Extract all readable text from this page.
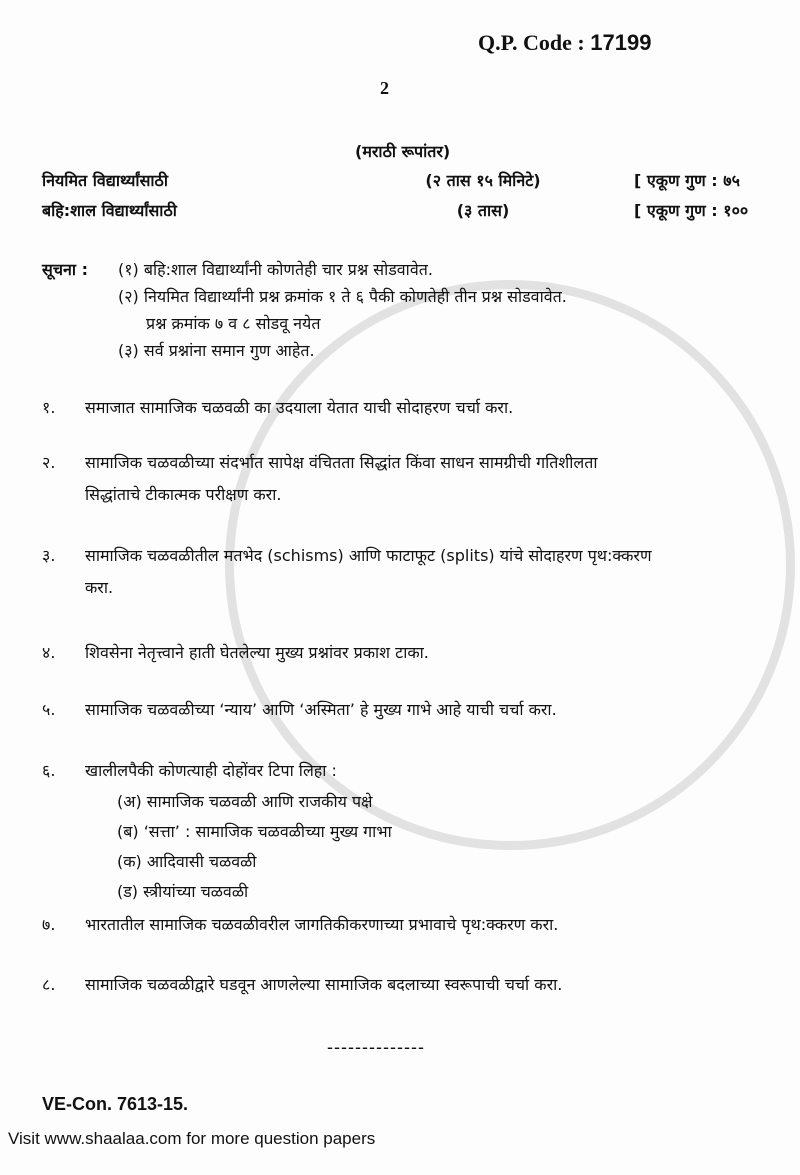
Q.P. Code : 17199
2
(मराठी रूपांतर)
नियमित विद्यार्थ्यांसाठी	(२ तास १५ मिनिटे)	[ एकूण गुण : ७५
बहि:शाल विद्यार्थ्यांसाठी	(३ तास)	[ एकूण गुण : १००
सूचना :	(१) बहि:शाल विद्यार्थ्यांनी कोणतेही चार प्रश्न सोडवावेत.
(२) नियमित विद्यार्थ्यांनी प्रश्न क्रमांक १ ते ६ पैकी कोणतेही तीन प्रश्न सोडवावेत.
प्रश्न क्रमांक ७ व ८ सोडवू नयेत
(३) सर्व प्रश्नांना समान गुण आहेत.
१.	समाजात सामाजिक चळवळी का उदयाला येतात याची सोदाहरण चर्चा करा.
२.	सामाजिक चळवळीच्या संदर्भात सापेक्ष वंचितता सिद्धांत किंवा साधन सामग्रीची गतिशीलता
सिद्धांताचे टीकात्मक परीक्षण करा.
३.	सामाजिक चळवळीतील मतभेद (schisms) आणि फाटाफूट (splits) यांचे सोदाहरण पृथ:क्करण
करा.
४.	शिवसेना नेतृत्त्वाने हाती घेतलेल्या मुख्य प्रश्नांवर प्रकाश टाका.
५.	सामाजिक चळवळीच्या ‘न्याय’ आणि ‘अस्मिता’ हे मुख्य गाभे आहे याची चर्चा करा.
६.	खालीलपैकी कोणत्याही दोहोंवर टिपा लिहा :
(अ) सामाजिक चळवळी आणि राजकीय पक्षे
(ब) ‘सत्ता’ : सामाजिक चळवळीच्या मुख्य गाभा
(क) आदिवासी चळवळी
(ड) स्त्रीयांच्या चळवळी
७.	भारतातील सामाजिक चळवळीवरील जागतिकीकरणाच्या प्रभावाचे पृथ:क्करण करा.
८.	सामाजिक चळवळीद्वारे घडवून आणलेल्या सामाजिक बदलाच्या स्वरूपाची चर्चा करा.
--------------
VE-Con. 7613-15.
Visit www.shaalaa.com for more question papers
